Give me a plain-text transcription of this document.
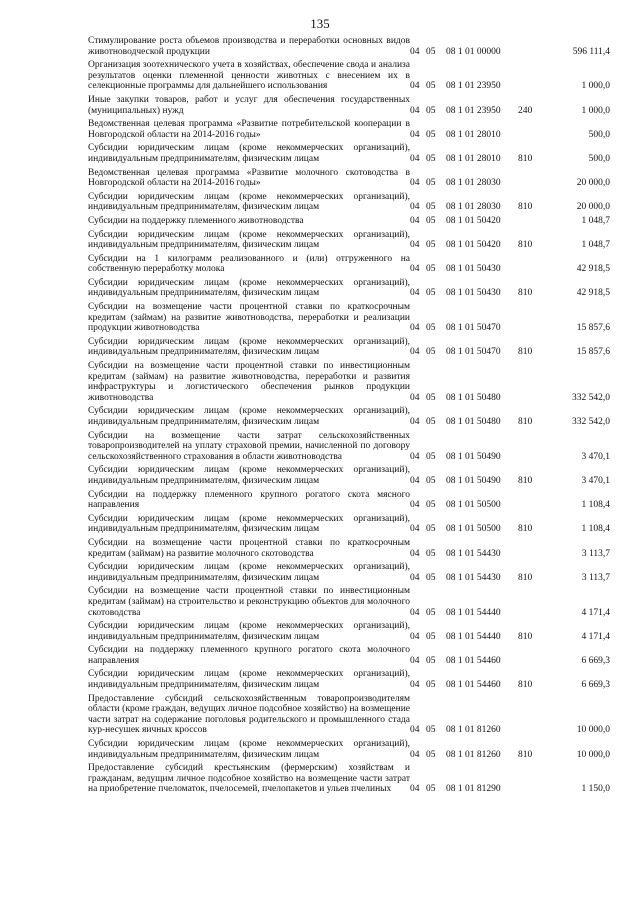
135
Стимулирование роста объемов производства и переработки основных видов животноводческой продукции	04	05	08 1 01 00000		596 111,4
Организация зоотехнического учета в хозяйствах, обеспечение свода и анализа результатов оценки племенной ценности животных с внесением их в селекционные программы для дальнейшего использования	04	05	08 1 01 23950		1 000,0
Иные закупки товаров, работ и услуг для обеспечения государственных (муниципальных) нужд	04	05	08 1 01 23950	240	1 000,0
Ведомственная целевая программа «Развитие потребительской кооперации в Новгородской области на 2014-2016 годы»	04	05	08 1 01 28010		500,0
Субсидии юридическим лицам (кроме некоммерческих организаций), индивидуальным предпринимателям, физическим лицам	04	05	08 1 01 28010	810	500,0
Ведомственная целевая программа «Развитие молочного скотоводства в Новгородской области на 2014-2016 годы»	04	05	08 1 01 28030		20 000,0
Субсидии юридическим лицам (кроме некоммерческих организаций), индивидуальным предпринимателям, физическим лицам	04	05	08 1 01 28030	810	20 000,0
Субсидии на поддержку племенного животноводства	04	05	08 1 01 50420		1 048,7
Субсидии юридическим лицам (кроме некоммерческих организаций), индивидуальным предпринимателям, физическим лицам	04	05	08 1 01 50420	810	1 048,7
Субсидии на 1 килограмм реализованного и (или) отгруженного на собственную переработку молока	04	05	08 1 01 50430		42 918,5
Субсидии юридическим лицам (кроме некоммерческих организаций), индивидуальным предпринимателям, физическим лицам	04	05	08 1 01 50430	810	42 918,5
Субсидии на возмещение части процентной ставки по краткосрочным кредитам (займам) на развитие животноводства, переработки и реализации продукции животноводства	04	05	08 1 01 50470		15 857,6
Субсидии юридическим лицам (кроме некоммерческих организаций), индивидуальным предпринимателям, физическим лицам	04	05	08 1 01 50470	810	15 857,6
Субсидии на возмещение части процентной ставки по инвестиционным кредитам (займам) на развитие животноводства, переработки и развития инфраструктуры и логистического обеспечения рынков продукции животноводства	04	05	08 1 01 50480		332 542,0
Субсидии юридическим лицам (кроме некоммерческих организаций), индивидуальным предпринимателям, физическим лицам	04	05	08 1 01 50480	810	332 542,0
Субсидии на возмещение части затрат сельскохозяйственных товаропроизводителей на уплату страховой премии, начисленной по договору сельскохозяйственного страхования в области животноводства	04	05	08 1 01 50490		3 470,1
Субсидии юридическим лицам (кроме некоммерческих организаций), индивидуальным предпринимателям, физическим лицам	04	05	08 1 01 50490	810	3 470,1
Субсидии на поддержку племенного крупного рогатого скота мясного направления	04	05	08 1 01 50500		1 108,4
Субсидии юридическим лицам (кроме некоммерческих организаций), индивидуальным предпринимателям, физическим лицам	04	05	08 1 01 50500	810	1 108,4
Субсидии на возмещение части процентной ставки по краткосрочным кредитам (займам) на развитие молочного скотоводства	04	05	08 1 01 54430		3 113,7
Субсидии юридическим лицам (кроме некоммерческих организаций), индивидуальным предпринимателям, физическим лицам	04	05	08 1 01 54430	810	3 113,7
Субсидии на возмещение части процентной ставки по инвестиционным кредитам (займам) на строительство и реконструкцию объектов для молочного скотоводства	04	05	08 1 01 54440		4 171,4
Субсидии юридическим лицам (кроме некоммерческих организаций), индивидуальным предпринимателям, физическим лицам	04	05	08 1 01 54440	810	4 171,4
Субсидии на поддержку племенного крупного рогатого скота молочного направления	04	05	08 1 01 54460		6 669,3
Субсидии юридическим лицам (кроме некоммерческих организаций), индивидуальным предпринимателям, физическим лицам	04	05	08 1 01 54460	810	6 669,3
Предоставление субсидий сельскохозяйственным товаропроизводителям области (кроме граждан, ведущих личное подсобное хозяйство) на возмещение части затрат на содержание поголовья родительского и промышленного стада кур-несушек яичных кроссов	04	05	08 1 01 81260		10 000,0
Субсидии юридическим лицам (кроме некоммерческих организаций), индивидуальным предпринимателям, физическим лицам	04	05	08 1 01 81260	810	10 000,0
Предоставление субсидий крестьянским (фермерским) хозяйствам и гражданам, ведущим личное подсобное хозяйство на возмещение части затрат на приобретение пчеломаток, пчелосемей, пчелопакетов и ульев пчелиных	04	05	08 1 01 81290		1 150,0
